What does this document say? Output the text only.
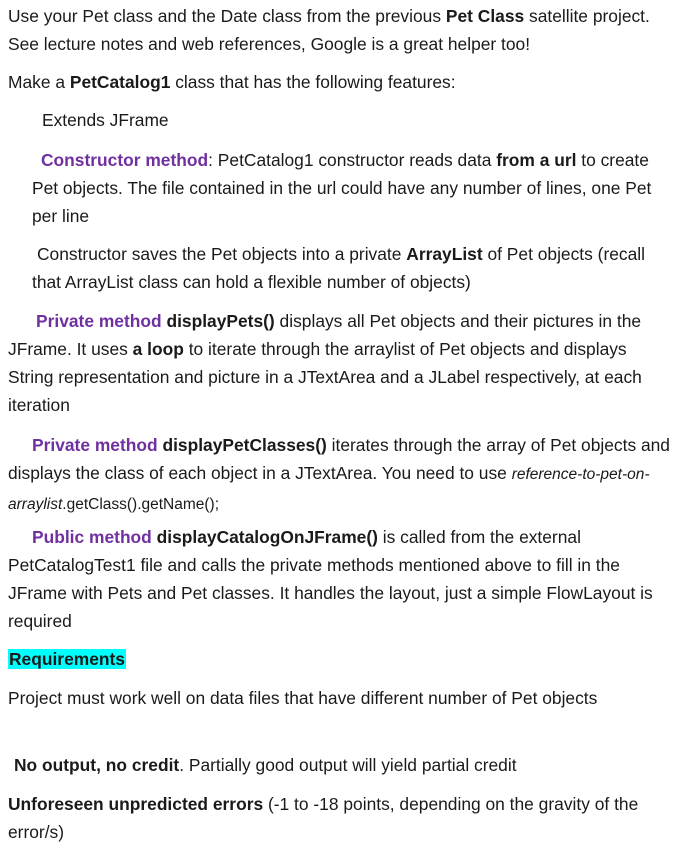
Use your Pet class and the Date class from the previous Pet Class satellite project. See lecture notes and web references, Google is a great helper too!

Make a PetCatalog1 class that has the following features:

Extends JFrame

Constructor method: PetCatalog1 constructor reads data from a url to create Pet objects. The file contained in the url could have any number of lines, one Pet per line

Constructor saves the Pet objects into a private ArrayList of Pet objects (recall that ArrayList class can hold a flexible number of objects)

Private method displayPets() displays all Pet objects and their pictures in the JFrame. It uses a loop to iterate through the arraylist of Pet objects and displays String representation and picture in a JTextArea and a JLabel respectively, at each iteration

Private method displayPetClasses() iterates through the array of Pet objects and displays the class of each object in a JTextArea. You need to use reference-to-pet-on-arraylist.getClass().getName();

Public method displayCatalogOnJFrame() is called from the external PetCatalogTest1 file and calls the private methods mentioned above to fill in the JFrame with Pets and Pet classes. It handles the layout, just a simple FlowLayout is required

Requirements

Project must work well on data files that have different number of Pet objects

No output, no credit. Partially good output will yield partial credit

Unforeseen unpredicted errors (-1 to -18 points, depending on the gravity of the error/s)
